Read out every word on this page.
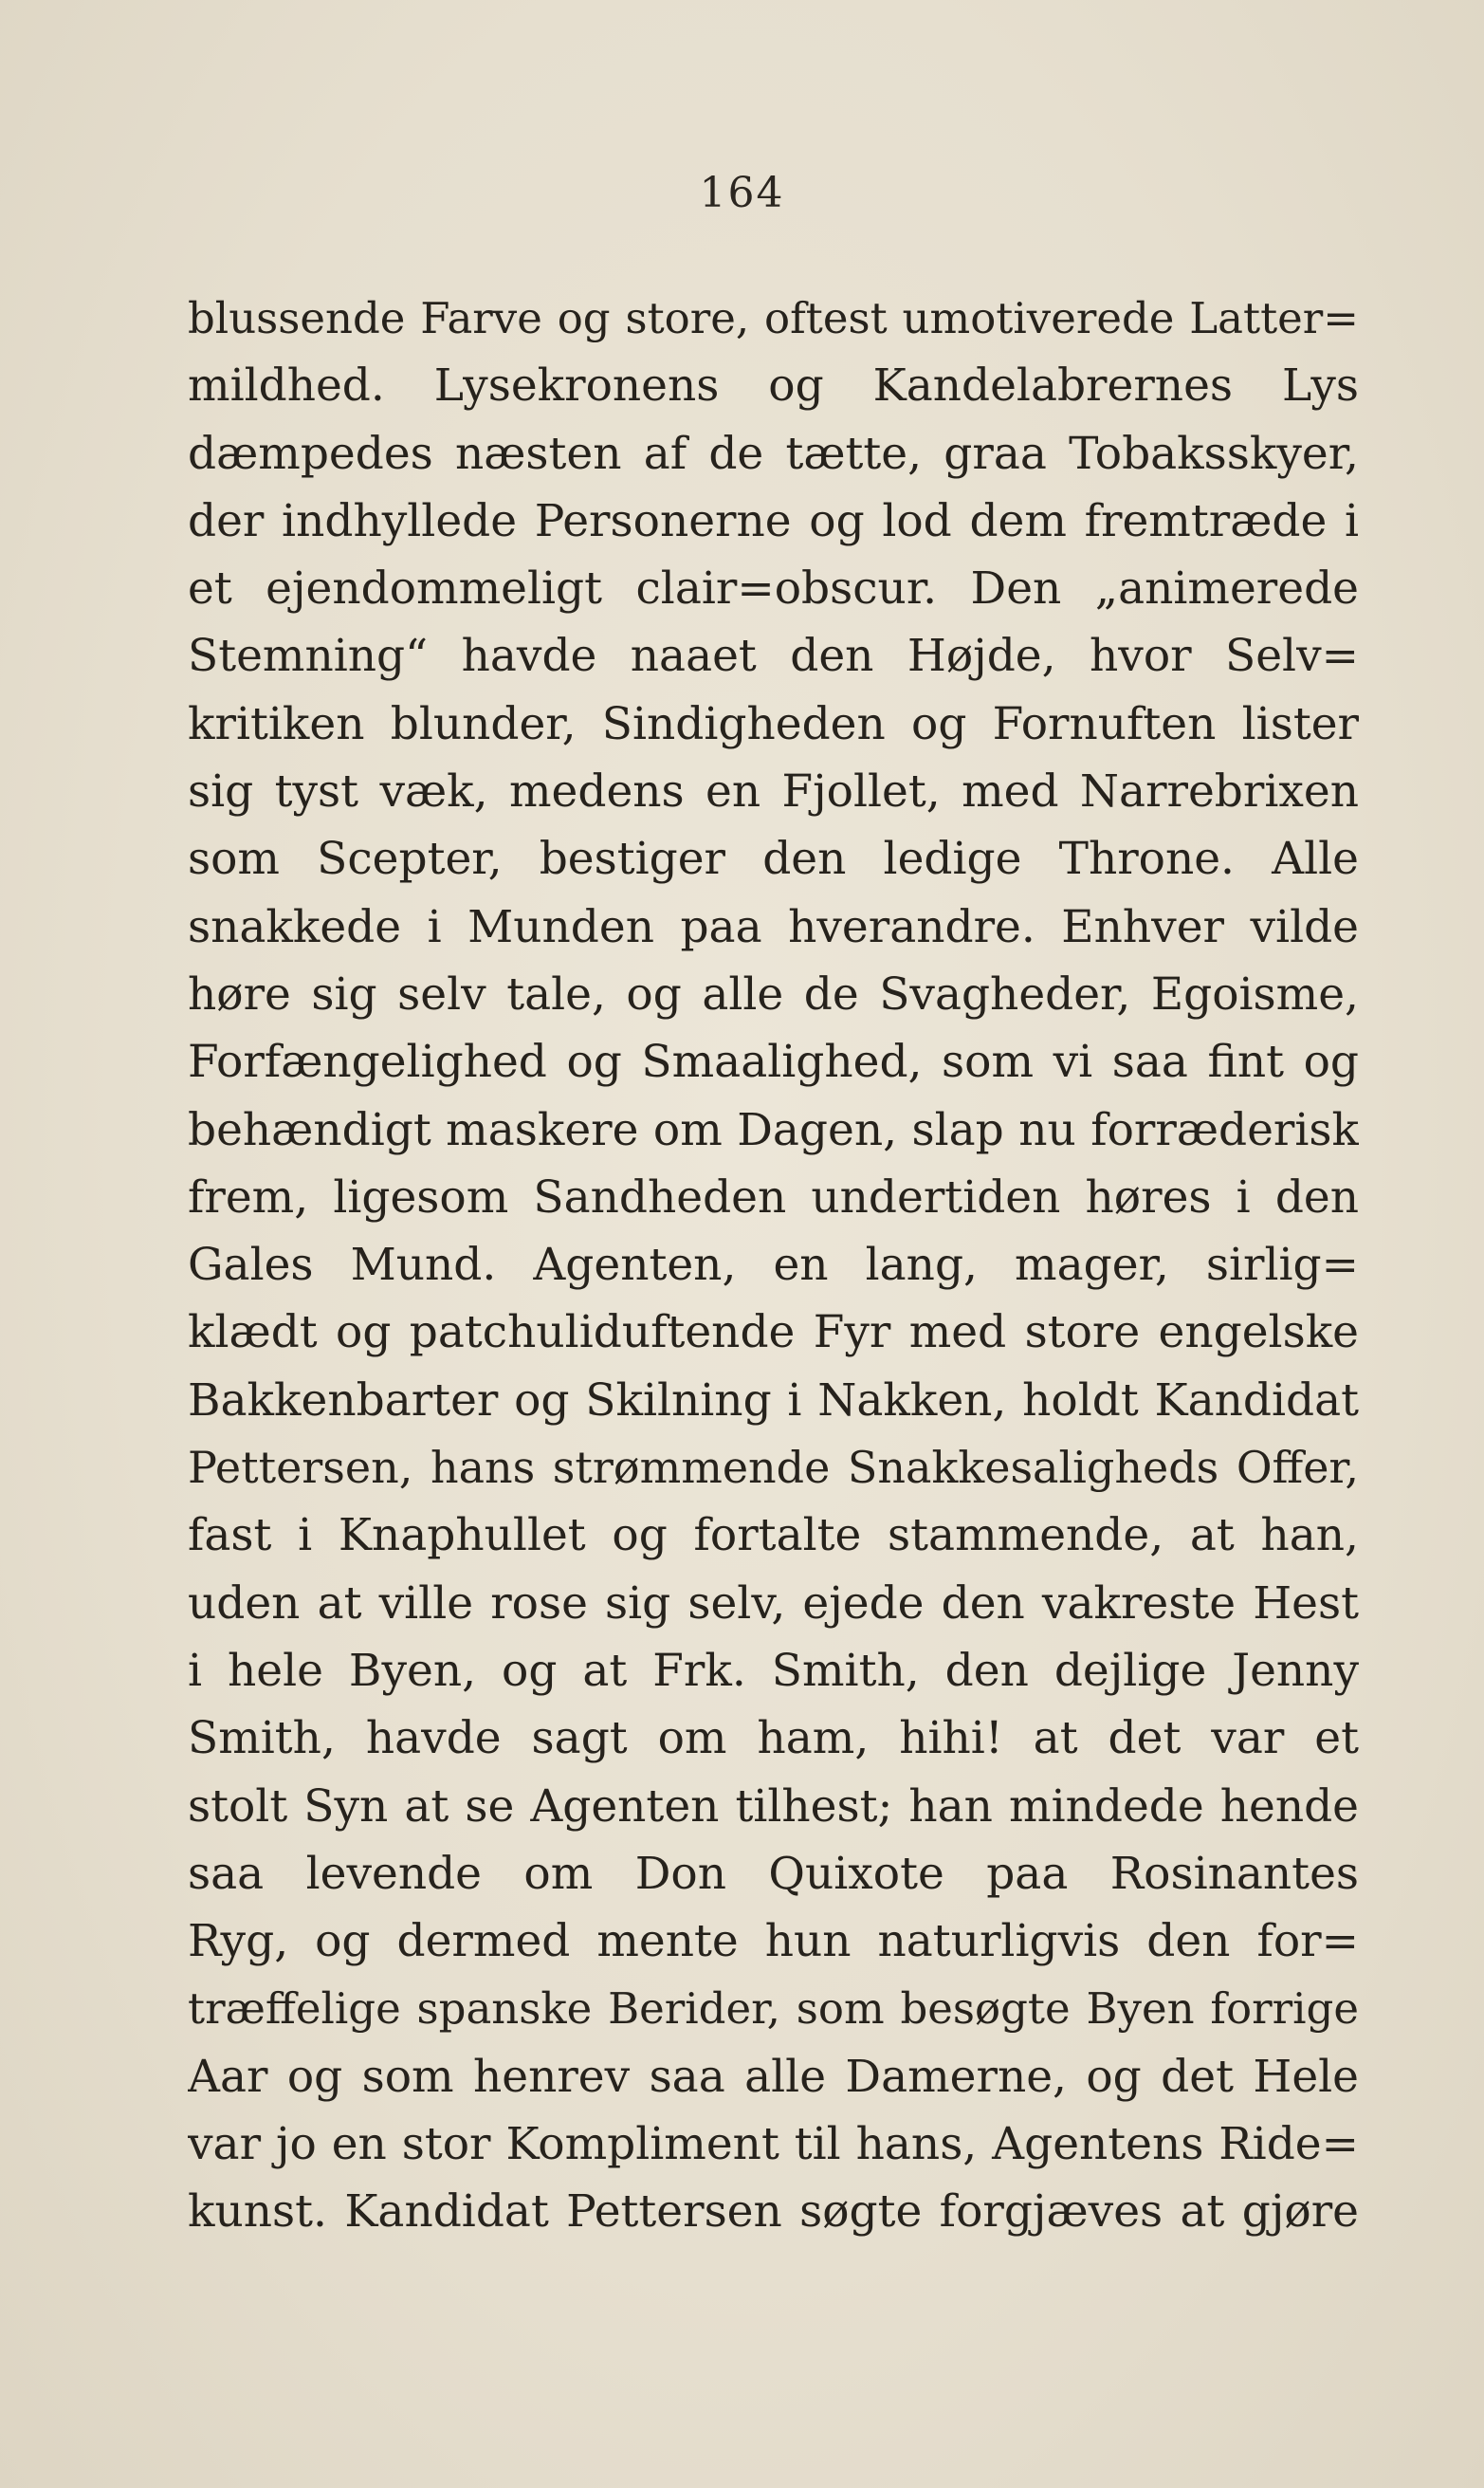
164
blussende Farve og store, oftest umotiverede Latter=
mildhed. Lysekronens og Kandelabrernes Lys
dæmpedes næsten af de tætte, graa Tobaksskyer,
der indhyllede Personerne og lod dem fremtræde i
et ejendommeligt clair=obscur. Den „animerede
Stemning“ havde naaet den Højde, hvor Selv=
kritiken blunder, Sindigheden og Fornuften lister
sig tyst væk, medens en Fjollet, med Narrebrixen
som Scepter, bestiger den ledige Throne. Alle
snakkede i Munden paa hverandre. Enhver vilde
høre sig selv tale, og alle de Svagheder, Egoisme,
Forfængelighed og Smaalighed, som vi saa fint og
behændigt maskere om Dagen, slap nu forræderisk
frem, ligesom Sandheden undertiden høres i den
Gales Mund. Agenten, en lang, mager, sirlig=
klædt og patchuliduftende Fyr med store engelske
Bakkenbarter og Skilning i Nakken, holdt Kandidat
Pettersen, hans strømmende Snakkesaligheds Offer,
fast i Knaphullet og fortalte stammende, at han,
uden at ville rose sig selv, ejede den vakreste Hest
i hele Byen, og at Frk. Smith, den dejlige Jenny
Smith, havde sagt om ham, hihi! at det var et
stolt Syn at se Agenten tilhest; han mindede hende
saa levende om Don Quixote paa Rosinantes
Ryg, og dermed mente hun naturligvis den for=
træffelige spanske Berider, som besøgte Byen forrige
Aar og som henrev saa alle Damerne, og det Hele
var jo en stor Kompliment til hans, Agentens Ride=
kunst. Kandidat Pettersen søgte forgjæves at gjøre
